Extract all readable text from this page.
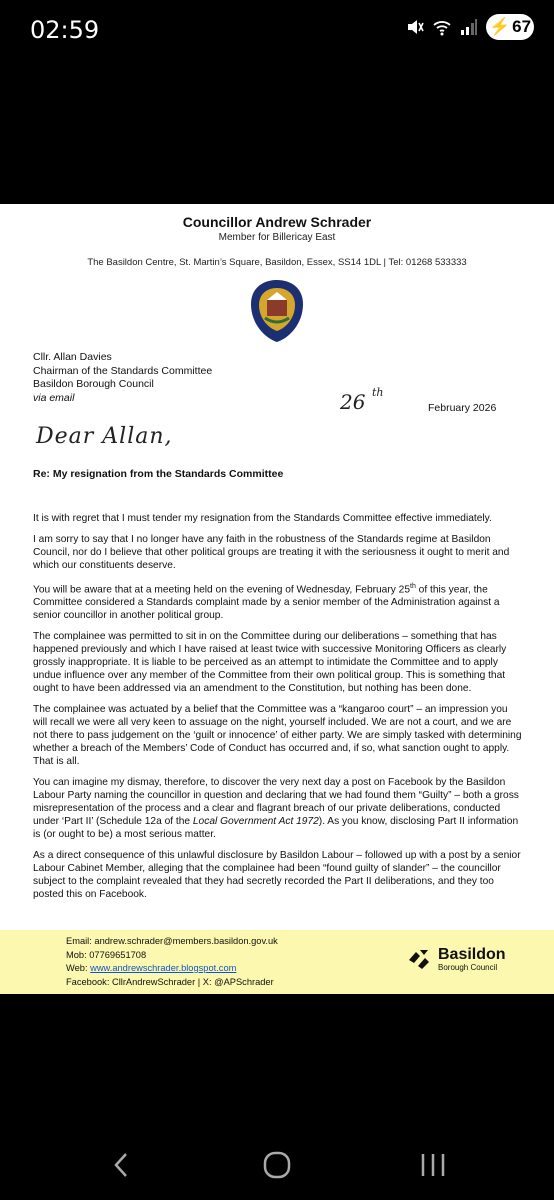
02:59	⚡ 67
Councillor Andrew Schrader
Member for Billericay East
The Basildon Centre, St. Martin’s Square, Basildon, Essex, SS14 1DL | Tel: 01268 533333
Cllr. Allan Davies
Chairman of the Standards Committee
Basildon Borough Council
via email	26 th
February 2026
Dear Allan,
Re: My resignation from the Standards Committee

It is with regret that I must tender my resignation from the Standards Committee effective immediately.

I am sorry to say that I no longer have any faith in the robustness of the Standards regime at Basildon Council, nor do I believe that other political groups are treating it with the seriousness it ought to merit and which our constituents deserve.

You will be aware that at a meeting held on the evening of Wednesday, February 25th of this year, the Committee considered a Standards complaint made by a senior member of the Administration against a senior councillor in another political group.

The complainee was permitted to sit in on the Committee during our deliberations – something that has happened previously and which I have raised at least twice with successive Monitoring Officers as clearly grossly inappropriate. It is liable to be perceived as an attempt to intimidate the Committee and to apply undue influence over any member of the Committee from their own political group. This is something that ought to have been addressed via an amendment to the Constitution, but nothing has been done.

The complainee was actuated by a belief that the Committee was a “kangaroo court” – an impression you will recall we were all very keen to assuage on the night, yourself included. We are not a court, and we are not there to pass judgement on the ‘guilt or innocence’ of either party. We are simply tasked with determining whether a breach of the Members’ Code of Conduct has occurred and, if so, what sanction ought to apply. That is all.

You can imagine my dismay, therefore, to discover the very next day a post on Facebook by the Basildon Labour Party naming the councillor in question and declaring that we had found them “Guilty” – both a gross misrepresentation of the process and a clear and flagrant breach of our private deliberations, conducted under ‘Part II’ (Schedule 12a of the Local Government Act 1972). As you know, disclosing Part II information is (or ought to be) a most serious matter.

As a direct consequence of this unlawful disclosure by Basildon Labour – followed up with a post by a senior Labour Cabinet Member, alleging that the complainee had been “found guilty of slander” – the councillor subject to the complaint revealed that they had secretly recorded the Part II deliberations, and they too posted this on Facebook.

Email: andrew.schrader@members.basildon.gov.uk
Mob: 07769651708
Web: www.andrewschrader.blogspot.com
Facebook: CllrAndrewSchrader | X: @APSchrader
Basildon
Borough Council
